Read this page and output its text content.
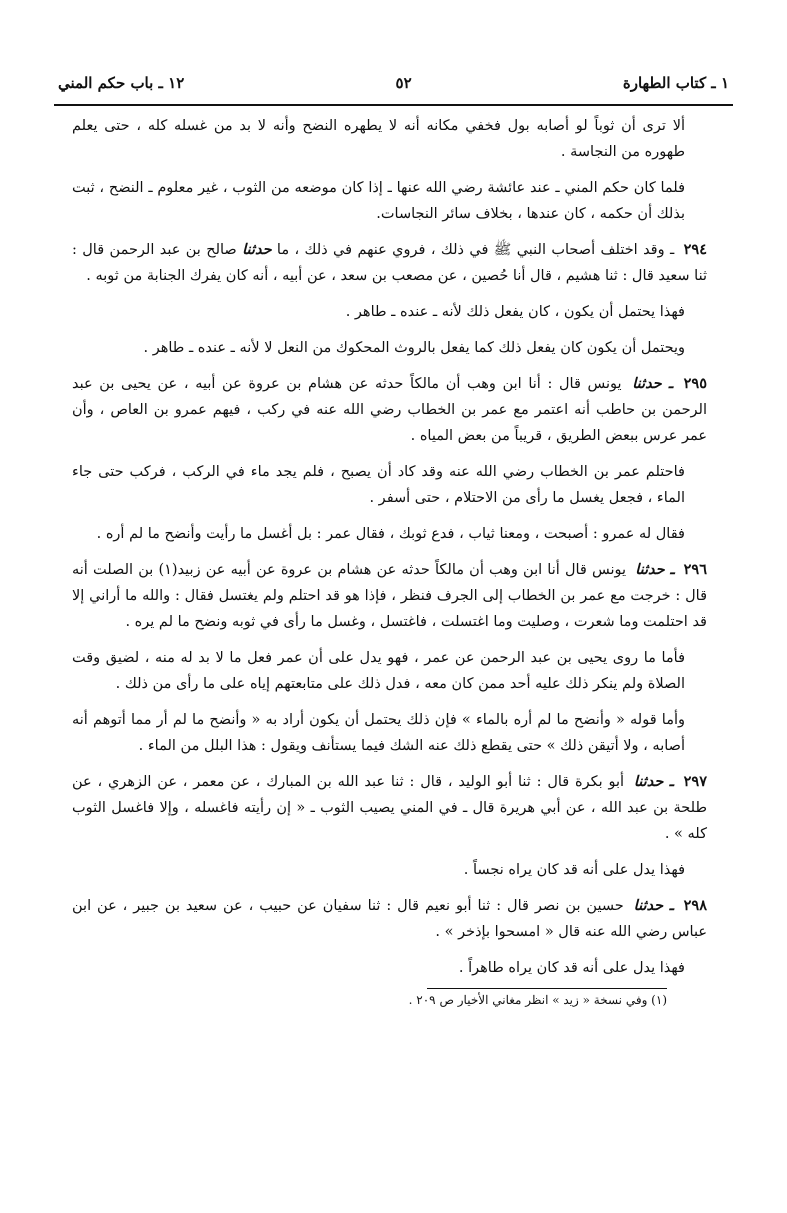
١ ـ كتاب الطهارة
٥٢
١٢ ـ باب حكم المني

ألا ترى أن ثوباً لو أصابه بول فخفي مكانه أنه لا يطهره النضح وأنه لا بد من غسله كله ، حتى يعلم طهوره من النجاسة .

فلما كان حكم المني ـ عند عائشة رضي الله عنها ـ إذا كان موضعه من الثوب ، غير معلوم ـ النضح ، ثبت بذلك أن حكمه ، كان عندها ، بخلاف سائر النجاسات.

٢٩٤ ـ وقد اختلف أصحاب النبي ﷺ في ذلك ، فروي عنهم في ذلك ، ما حدثنا صالح بن عبد الرحمن قال : ثنا سعيد قال : ثنا هشيم ، قال أنا حُصين ، عن مصعب بن سعد ، عن أبيه ، أنه كان يفرك الجنابة من ثوبه .

فهذا يحتمل أن يكون ، كان يفعل ذلك لأنه ـ عنده ـ طاهر .

ويحتمل أن يكون كان يفعل ذلك كما يفعل بالروث المحكوك من النعل لا لأنه ـ عنده ـ طاهر .

٢٩٥ ـ حدثنا يونس قال : أنا ابن وهب أن مالكاً حدثه عن هشام بن عروة عن أبيه ، عن يحيى بن عبد الرحمن بن حاطب أنه اعتمر مع عمر بن الخطاب رضي الله عنه في ركب ، فيهم عمرو بن العاص ، وأن عمر عرس ببعض الطريق ، قريباً من بعض المياه .

فاحتلم عمر بن الخطاب رضي الله عنه وقد كاد أن يصبح ، فلم يجد ماء في الركب ، فركب حتى جاء الماء ، فجعل يغسل ما رأى من الاحتلام ، حتى أسفر .

فقال له عمرو : أصبحت ، ومعنا ثياب ، فدع ثوبك ، فقال عمر : بل أغسل ما رأيت وأنضح ما لم أره .

٢٩٦ ـ حدثنا يونس قال أنا ابن وهب أن مالكاً حدثه عن هشام بن عروة عن أبيه عن زبيد(١) بن الصلت أنه قال : خرجت مع عمر بن الخطاب إلى الجرف فنظر ، فإذا هو قد احتلم ولم يغتسل فقال : والله ما أراني إلا قد احتلمت وما شعرت ، وصليت وما اغتسلت ، فاغتسل ، وغسل ما رأى في ثوبه ونضح ما لم يره .

فأما ما روى يحيى بن عبد الرحمن عن عمر ، فهو يدل على أن عمر فعل ما لا بد له منه ، لضيق وقت الصلاة ولم ينكر ذلك عليه أحد ممن كان معه ، فدل ذلك على متابعتهم إياه على ما رأى من ذلك .

وأما قوله « وأنضح ما لم أره بالماء » فإن ذلك يحتمل أن يكون أراد به « وأنضح ما لم أر مما أتوهم أنه أصابه ، ولا أتيقن ذلك » حتى يقطع ذلك عنه الشك فيما يستأنف ويقول : هذا البلل من الماء .

٢٩٧ ـ حدثنا أبو بكرة قال : ثنا أبو الوليد ، قال : ثنا عبد الله بن المبارك ، عن معمر ، عن الزهري ، عن طلحة بن عبد الله ، عن أبي هريرة قال ـ في المني يصيب الثوب ـ « إن رأيته فاغسله ، وإلا فاغسل الثوب كله » .

فهذا يدل على أنه قد كان يراه نجساً .

٢٩٨ ـ حدثنا حسين بن نصر قال : ثنا أبو نعيم قال : ثنا سفيان عن حبيب ، عن سعيد بن جبير ، عن ابن عباس رضي الله عنه قال « امسحوا بإذخر » .

فهذا يدل على أنه قد كان يراه طاهراً .

(١) وفي نسخة « زيد » انظر مغاني الأخيار ص ٢٠٩ .
